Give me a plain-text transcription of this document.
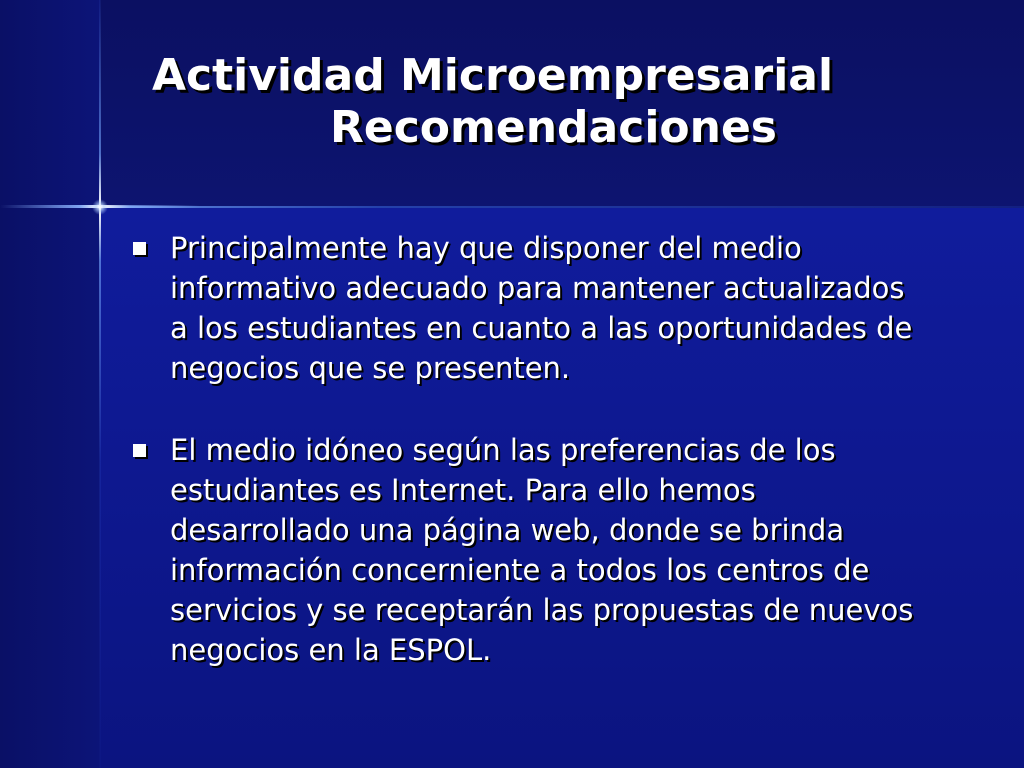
Actividad Microempresarial
Recomendaciones
Principalmente hay que disponer del medio informativo adecuado para mantener actualizados a los estudiantes en cuanto a las oportunidades de negocios que se presenten.
El medio idóneo según las preferencias de los estudiantes es Internet. Para ello hemos desarrollado una página web, donde se brinda información concerniente a todos los centros de servicios y se receptarán las propuestas de nuevos negocios en la ESPOL.
